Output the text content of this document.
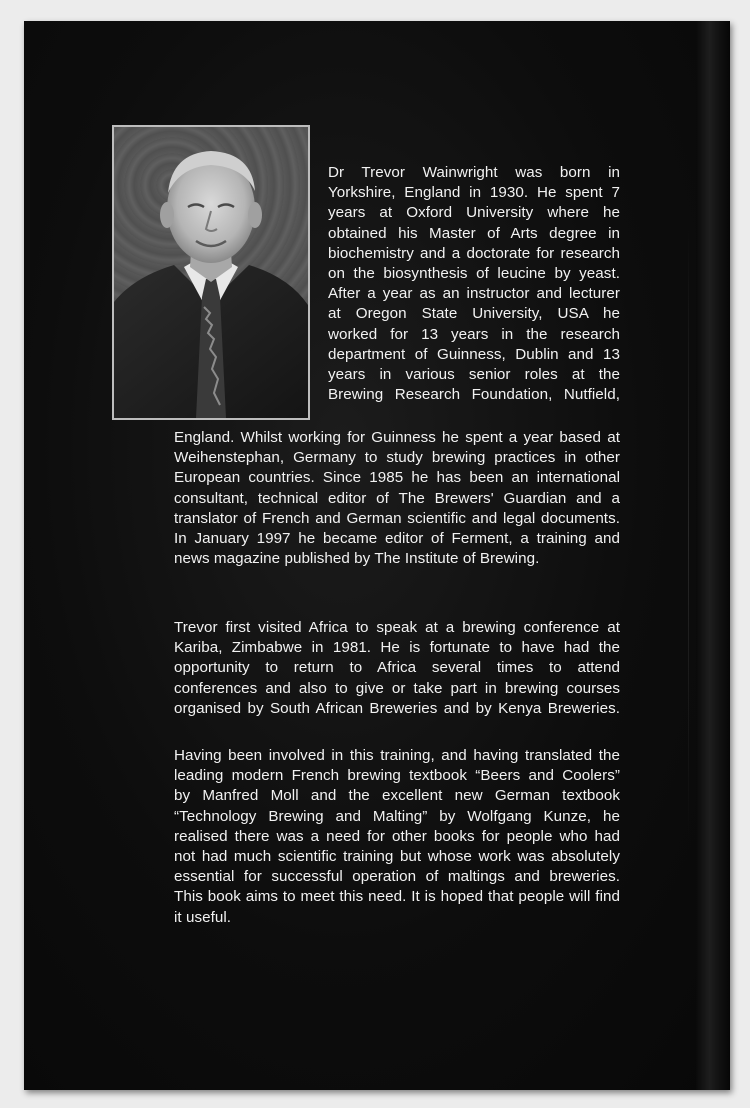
Dr Trevor Wainwright was born in
Yorkshire, England in 1930. He spent 7
years at Oxford University where he
obtained his Master of Arts degree in
biochemistry and a doctorate for research
on the biosynthesis of leucine by yeast.
After a year as an instructor and lecturer
at Oregon State University, USA he
worked for 13 years in the research
department of Guinness, Dublin and 13
years in various senior roles at the
Brewing Research Foundation, Nutfield,
England. Whilst working for Guinness he spent a year based at
Weihenstephan, Germany to study brewing practices in other
European countries. Since 1985 he has been an international
consultant, technical editor of The Brewers' Guardian and a
translator of French and German scientific and legal documents.
In January 1997 he became editor of Ferment, a training and
news magazine published by The Institute of Brewing.
Trevor first visited Africa to speak at a brewing conference at
Kariba, Zimbabwe in 1981. He is fortunate to have had the
opportunity to return to Africa several times to attend
conferences and also to give or take part in brewing courses
organised by South African Breweries and by Kenya Breweries.
Having been involved in this training, and having translated the
leading modern French brewing textbook “Beers and Coolers”
by Manfred Moll and the excellent new German textbook
“Technology Brewing and Malting” by Wolfgang Kunze, he
realised there was a need for other books for people who had
not had much scientific training but whose work was absolutely
essential for successful operation of maltings and breweries.
This book aims to meet this need. It is hoped that people will find
it useful.
